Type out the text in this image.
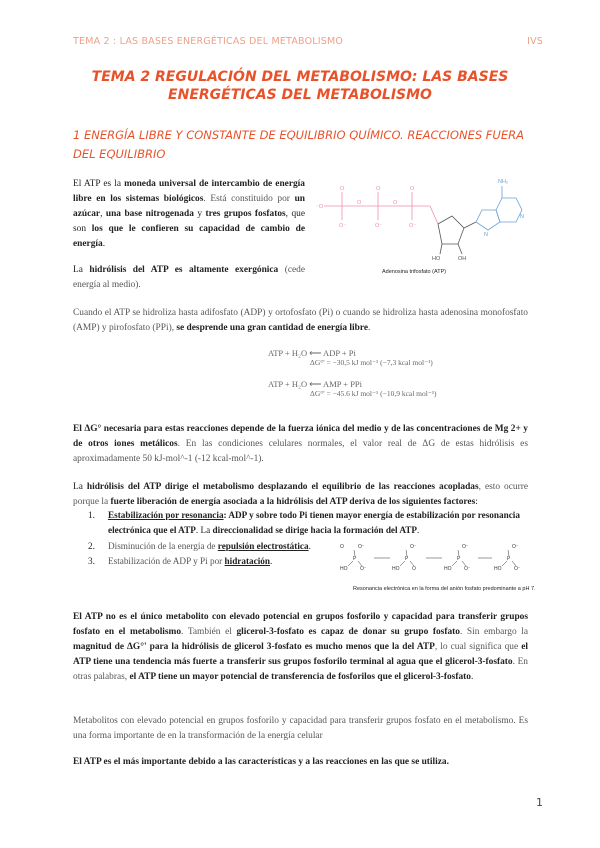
TEMA 2 : LAS BASES ENERGÉTICAS DEL METABOLISMO	IVS
TEMA 2 REGULACIÓN DEL METABOLISMO: LAS BASES ENERGÉTICAS DEL METABOLISMO
1 ENERGÍA LIBRE Y CONSTANTE DE EQUILIBRIO QUÍMICO. REACCIONES FUERA DEL EQUILIBRIO
El ATP es la moneda universal de intercambio de energía libre en los sistemas biológicos. Está constituido por un azúcar, una base nitrogenada y tres grupos fosfatos, que son los que le confieren su capacidad de cambio de energía.
⁻O
O	O	O
O⁻	O⁻	O⁻
O	O
HO	OH
NH₂
N
N
Adenosina trifosfato (ATP)
La hidrólisis del ATP es altamente exergónica (cede energía al medio).
Cuando el ATP se hidroliza hasta adifosfato (ADP) y ortofosfato (Pi) o cuando se hidroliza hasta adenosina monofosfato (AMP) y pirofosfato (PPi), se desprende una gran cantidad de energía libre.
ATP + H₂O ⟵ ADP + Pi
ΔG°' = −30,5 kJ mol⁻¹ (−7,3 kcal mol⁻¹)
ATP + H₂O ⟵ AMP + PPi
ΔG°' = −45.6 kJ mol⁻¹ (−10,9 kcal mol⁻¹)
El ΔG° necesaria para estas reacciones depende de la fuerza iónica del medio y de las concentraciones de Mg 2+ y de otros iones metálicos. En las condiciones celulares normales, el valor real de ΔG de estas hidrólisis es aproximadamente 50 kJ-mol^-1 (-12 kcal-mol^-1).
La hidrólisis del ATP dirige el metabolismo desplazando el equilibrio de las reacciones acopladas, esto ocurre porque la fuerte liberación de energía asociada a la hidrólisis del ATP deriva de los siguientes factores:
1. Estabilización por resonancia: ADP y sobre todo Pi tienen mayor energía de estabilización por resonancia electrónica que el ATP. La direccionalidad se dirige hacia la formación del ATP.
2. Disminución de la energía de repulsión electrostática.
3. Estabilización de ADP y Pi por hidratación.
O	O⁻
P
HO	O⁻
O⁻
P
HO	O
O⁻
P
HO	O⁻
O⁻
P
HO	O⁻
Resonancia electrónica en la forma del anión fosfato predominante a pH 7.
El ATP no es el único metabolito con elevado potencial en grupos fosforilo y capacidad para transferir grupos fosfato en el metabolismo. También el glicerol-3-fosfato es capaz de donar su grupo fosfato. Sin embargo la magnitud de ΔG°' para la hidrólisis de glicerol 3-fosfato es mucho menos que la del ATP, lo cual significa que el ATP tiene una tendencia más fuerte a transferir sus grupos fosforilo terminal al agua que el glicerol-3-fosfato. En otras palabras, el ATP tiene un mayor potencial de transferencia de fosforilos que el glicerol-3-fosfato.
Metabolitos con elevado potencial en grupos fosforilo y capacidad para transferir grupos fosfato en el metabolismo. Es una forma importante de en la transformación de la energía celular
El ATP es el más importante debido a las características y a las reacciones en las que se utiliza.
1
